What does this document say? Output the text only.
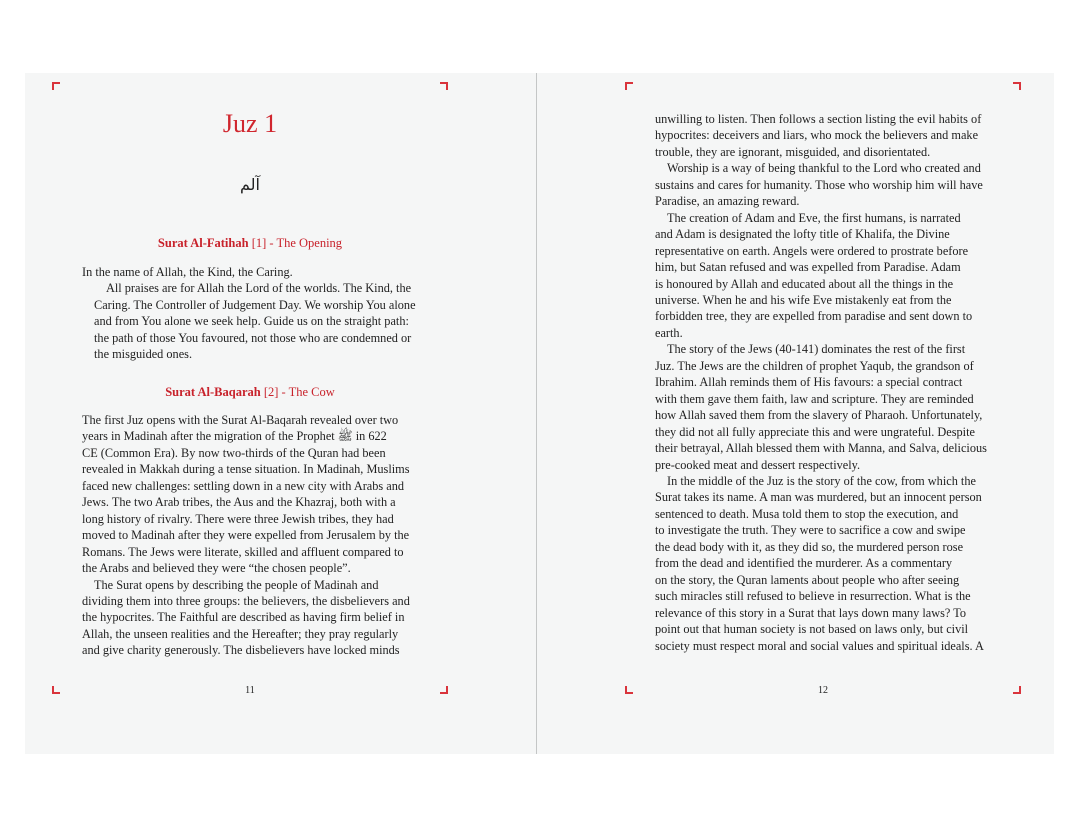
Juz 1
آلم
Surat Al-Fatihah [1] - The Opening

In the name of Allah, the Kind, the Caring.

All praises are for Allah the Lord of the worlds. The Kind, the
Caring. The Controller of Judgement Day. We worship You alone
and from You alone we seek help. Guide us on the straight path:
the path of those You favoured, not those who are condemned or
the misguided ones.

Surat Al-Baqarah [2] - The Cow

The first Juz opens with the Surat Al-Baqarah revealed over two
years in Madinah after the migration of the Prophet ﷺ in 622
CE (Common Era). By now two-thirds of the Quran had been
revealed in Makkah during a tense situation. In Madinah, Muslims
faced new challenges: settling down in a new city with Arabs and
Jews. The two Arab tribes, the Aus and the Khazraj, both with a
long history of rivalry. There were three Jewish tribes, they had
moved to Madinah after they were expelled from Jerusalem by the
Romans. The Jews were literate, skilled and affluent compared to
the Arabs and believed they were “the chosen people”.

The Surat opens by describing the people of Madinah and
dividing them into three groups: the believers, the disbelievers and
the hypocrites. The Faithful are described as having firm belief in
Allah, the unseen realities and the Hereafter; they pray regularly
and give charity generously. The disbelievers have locked minds

11

unwilling to listen. Then follows a section listing the evil habits of
hypocrites: deceivers and liars, who mock the believers and make
trouble, they are ignorant, misguided, and disorientated.

Worship is a way of being thankful to the Lord who created and
sustains and cares for humanity. Those who worship him will have
Paradise, an amazing reward.

The creation of Adam and Eve, the first humans, is narrated
and Adam is designated the lofty title of Khalifa, the Divine
representative on earth. Angels were ordered to prostrate before
him, but Satan refused and was expelled from Paradise. Adam
is honoured by Allah and educated about all the things in the
universe. When he and his wife Eve mistakenly eat from the
forbidden tree, they are expelled from paradise and sent down to
earth.

The story of the Jews (40-141) dominates the rest of the first
Juz. The Jews are the children of prophet Yaqub, the grandson of
Ibrahim. Allah reminds them of His favours: a special contract
with them gave them faith, law and scripture. They are reminded
how Allah saved them from the slavery of Pharaoh. Unfortunately,
they did not all fully appreciate this and were ungrateful. Despite
their betrayal, Allah blessed them with Manna, and Salva, delicious
pre-cooked meat and dessert respectively.

In the middle of the Juz is the story of the cow, from which the
Surat takes its name. A man was murdered, but an innocent person
sentenced to death. Musa told them to stop the execution, and
to investigate the truth. They were to sacrifice a cow and swipe
the dead body with it, as they did so, the murdered person rose
from the dead and identified the murderer. As a commentary
on the story, the Quran laments about people who after seeing
such miracles still refused to believe in resurrection. What is the
relevance of this story in a Surat that lays down many laws? To
point out that human society is not based on laws only, but civil
society must respect moral and social values and spiritual ideals. A

12
